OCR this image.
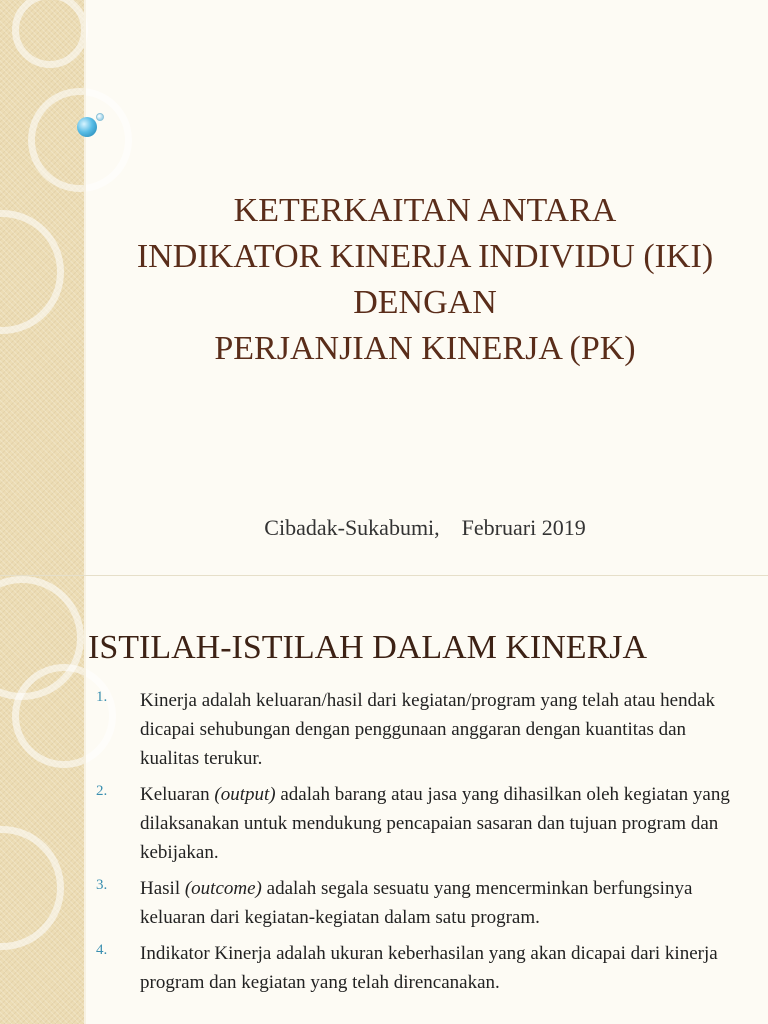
KETERKAITAN ANTARA
INDIKATOR KINERJA INDIVIDU (IKI)
DENGAN
PERJANJIAN KINERJA (PK)
Cibadak-Sukabumi,    Februari 2019
ISTILAH-ISTILAH DALAM KINERJA
1.	Kinerja adalah keluaran/hasil dari kegiatan/program yang telah atau hendak dicapai sehubungan dengan penggunaan anggaran dengan kuantitas dan kualitas terukur.
2.	Keluaran (output) adalah barang atau jasa yang dihasilkan oleh kegiatan yang dilaksanakan untuk mendukung pencapaian sasaran dan tujuan program dan kebijakan.
3.	Hasil (outcome) adalah segala sesuatu yang mencerminkan berfungsinya keluaran dari kegiatan-kegiatan dalam satu program.
4.	Indikator Kinerja adalah ukuran keberhasilan yang akan dicapai dari kinerja program dan kegiatan yang telah direncanakan.
